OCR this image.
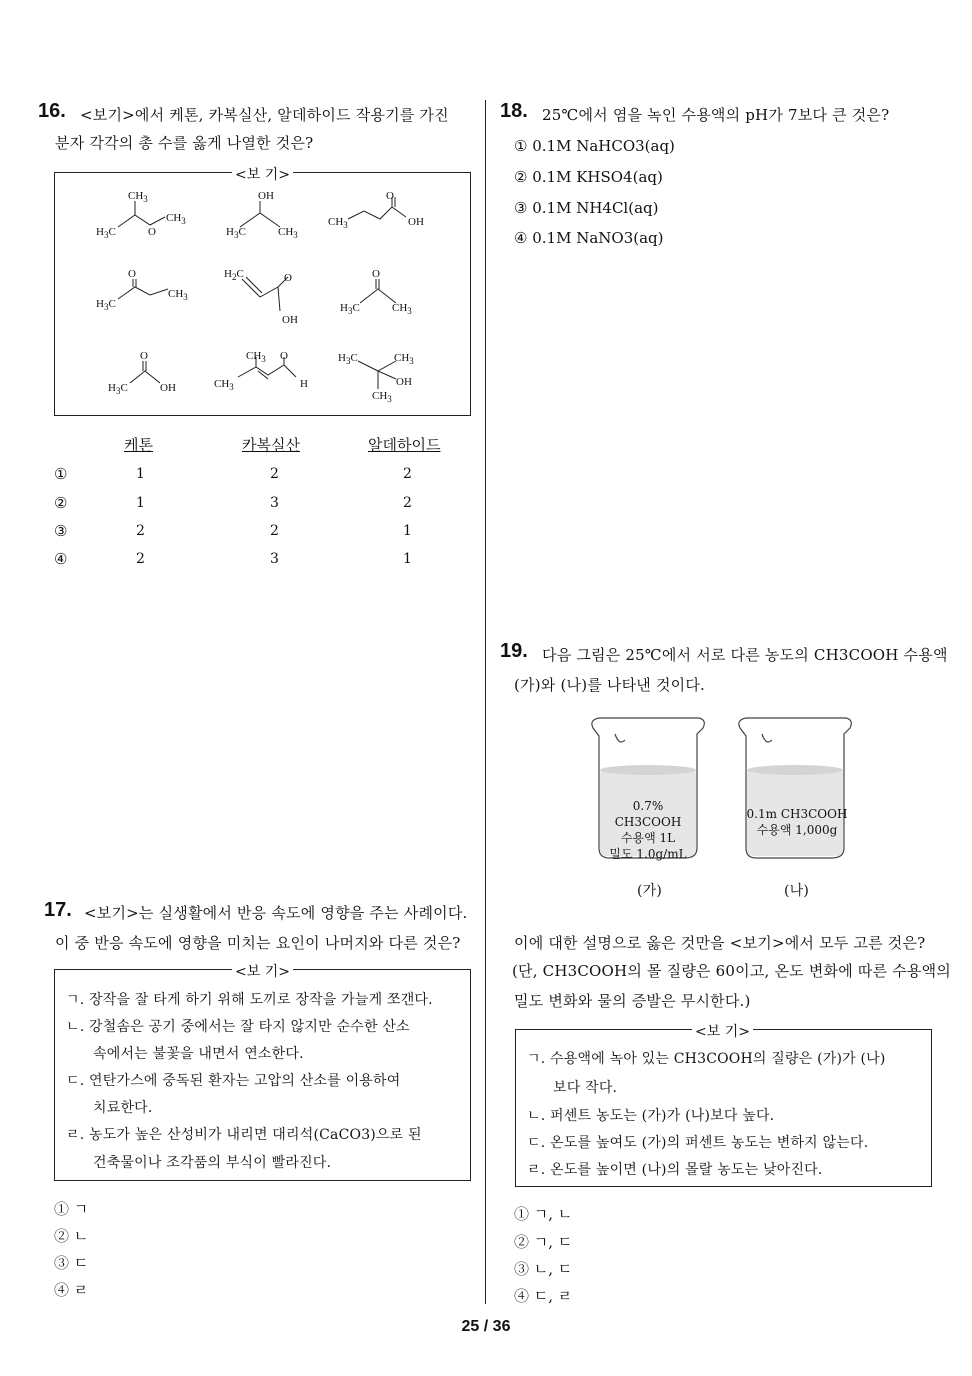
16. <보기>에서 케톤, 카복실산, 알데하이드 작용기를 가진
분자 각각의 총 수를 옳게 나열한 것은?
<보 기>
$CH_3$
$H_3C$	O
$CH_3$
OH
$H_3C$	$CH_3$
$CH_3$
O
OH
O
$H_3C$
$CH_3$
$H_2C$	O
OH
O
$H_3C$	$CH_3$
O
$H_3C$	OH
$CH_3$ O
$CH_3$	H
$H_3C$	$CH_3$
OH
$CH_3$
케톤	카복실산	알데하이드
①	1	2	2
②	1	3	2
③	2	2	1
④	2	3	1
17. <보기>는 실생활에서 반응 속도에 영향을 주는 사례이다.
이 중 반응 속도에 영향을 미치는 요인이 나머지와 다른 것은?
<보 기>
ㄱ. 장작을 잘 타게 하기 위해 도끼로 장작을 가늘게 쪼갠다.
ㄴ. 강철솜은 공기 중에서는 잘 타지 않지만 순수한 산소
속에서는 불꽃을 내면서 연소한다.
ㄷ. 연탄가스에 중독된 환자는 고압의 산소를 이용하여
치료한다.
ㄹ. 농도가 높은 산성비가 내리면 대리석(CaCO3)으로 된
건축물이나 조각품의 부식이 빨라진다.
① ㄱ
② ㄴ
③ ㄷ
④ ㄹ
18. 25℃에서 염을 녹인 수용액의 pH가 7보다 큰 것은?
① 0.1M NaHCO3(aq)
② 0.1M KHSO4(aq)
③ 0.1M NH4Cl(aq)
④ 0.1M NaNO3(aq)
19. 다음 그림은 25℃에서 서로 다른 농도의 CH3COOH 수용액
(가)와 (나)를 나타낸 것이다.
0.7% CH3COOH
수용액 1L
밀도 1.0g/mL
0.1m CH3COOH
수용액 1,000g
(가)	(나)
이에 대한 설명으로 옳은 것만을 <보기>에서 모두 고른 것은?
(단, CH3COOH의 몰 질량은 60이고, 온도 변화에 따른 수용액의
밀도 변화와 물의 증발은 무시한다.)
<보 기>
ㄱ. 수용액에 녹아 있는 CH3COOH의 질량은 (가)가 (나)
보다 작다.
ㄴ. 퍼센트 농도는 (가)가 (나)보다 높다.
ㄷ. 온도를 높여도 (가)의 퍼센트 농도는 변하지 않는다.
ㄹ. 온도를 높이면 (나)의 몰랄 농도는 낮아진다.
① ㄱ, ㄴ
② ㄱ, ㄷ
③ ㄴ, ㄷ
④ ㄷ, ㄹ
25 / 36
